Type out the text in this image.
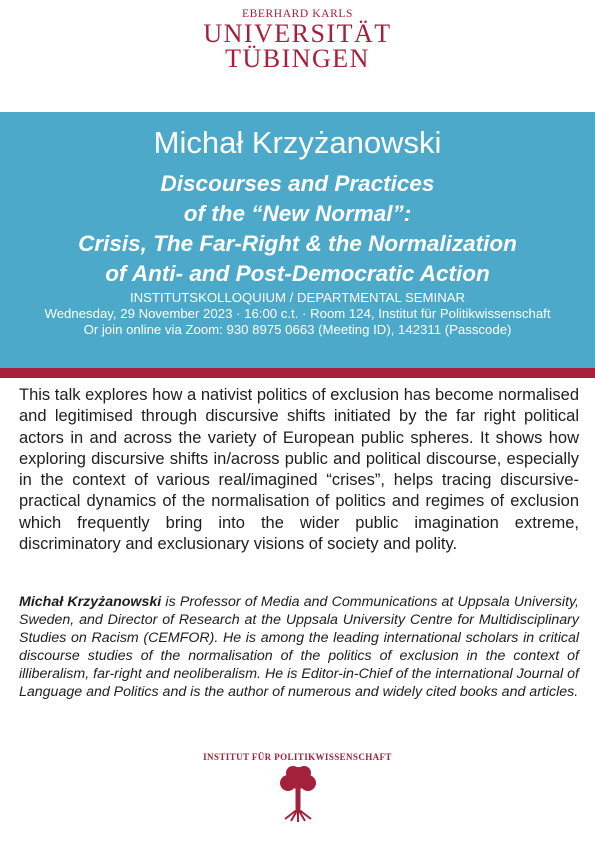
EBERHARD KARLS
UNIVERSITÄT
TÜBINGEN
Michał Krzyżanowski
Discourses and Practices
of the “New Normal”:
Crisis, The Far-Right & the Normalization
of Anti- and Post-Democratic Action
INSTITUTSKOLLOQUIUM / DEPARTMENTAL SEMINAR
Wednesday, 29 November 2023 · 16:00 c.t. · Room 124, Institut für Politikwissenschaft
Or join online via Zoom: 930 8975 0663 (Meeting ID), 142311 (Passcode)
This talk explores how a nativist politics of exclusion has become normalised and legitimised through discursive shifts initiated by the far right political actors in and across the variety of European public spheres. It shows how exploring discursive shifts in/across public and political discourse, especially in the context of various real/imagined “crises”, helps tracing discursive-practical dynamics of the normalisation of politics and regimes of exclusion which frequently bring into the wider public imagination extreme, discriminatory and exclusionary visions of society and polity.
Michał Krzyżanowski is Professor of Media and Communications at Uppsala University, Sweden, and Director of Research at the Uppsala University Centre for Multidisciplinary Studies on Racism (CEMFOR). He is among the leading international scholars in critical discourse studies of the normalisation of the politics of exclusion in the context of illiberalism, far-right and neoliberalism. He is Editor-in-Chief of the international Journal of Language and Politics and is the author of numerous and widely cited books and articles.
INSTITUT FÜR POLITIKWISSENSCHAFT
